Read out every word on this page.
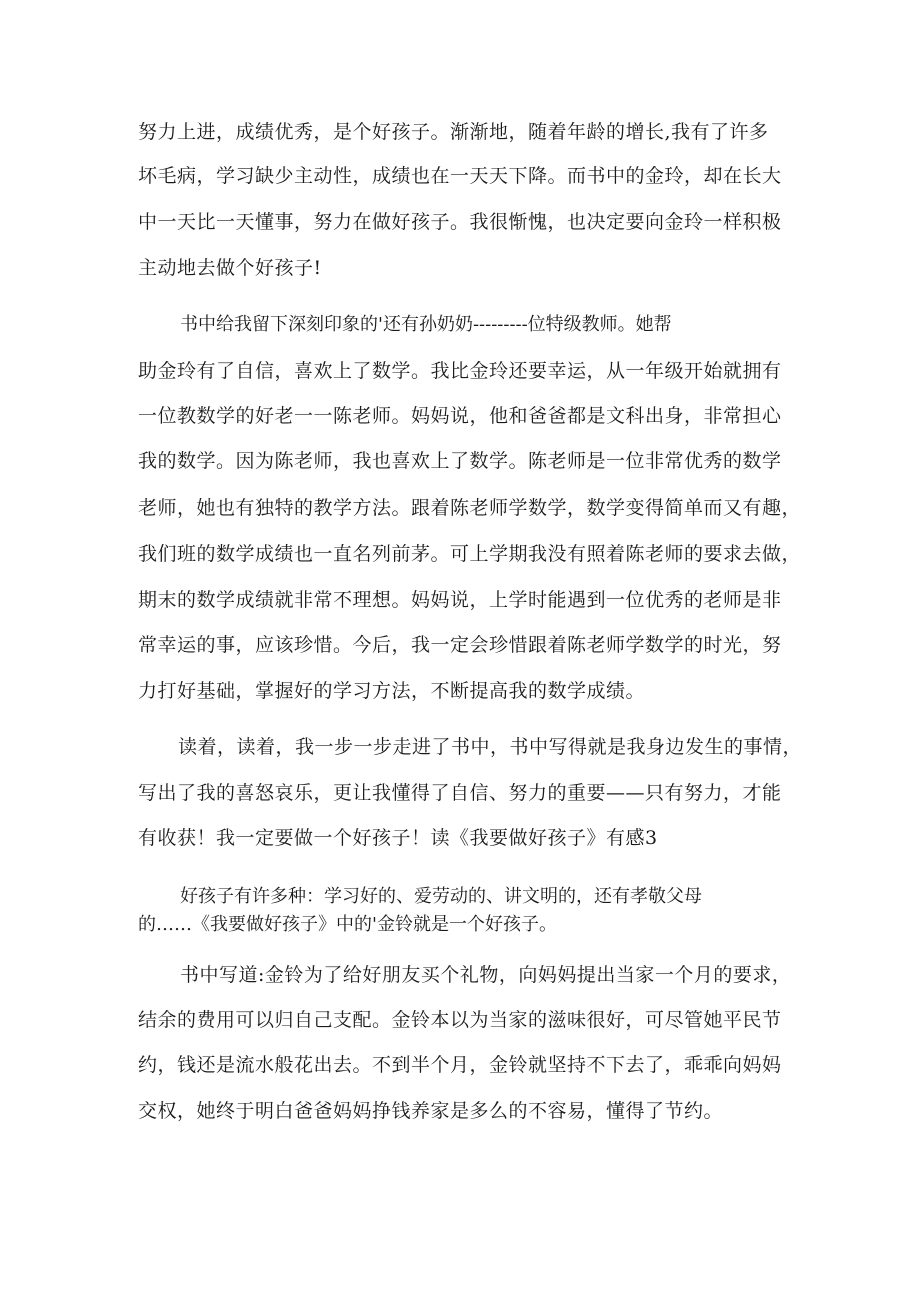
努力上进，成绩优秀，是个好孩子。渐渐地，随着年龄的增长,我有了许多
坏毛病，学习缺少主动性，成绩也在一天天下降。而书中的金玲，却在长大
中一天比一天懂事，努力在做好孩子。我很惭愧，也决定要向金玲一样积极
主动地去做个好孩子!
书中给我留下深刻印象的'还有孙奶奶---------位特级教师。她帮
助金玲有了自信，喜欢上了数学。我比金玲还要幸运，从一年级开始就拥有
一位教数学的好老一一陈老师。妈妈说，他和爸爸都是文科出身，非常担心
我的数学。因为陈老师，我也喜欢上了数学。陈老师是一位非常优秀的数学
老师，她也有独特的教学方法。跟着陈老师学数学，数学变得简单而又有趣，
我们班的数学成绩也一直名列前茅。可上学期我没有照着陈老师的要求去做，
期末的数学成绩就非常不理想。妈妈说，上学时能遇到一位优秀的老师是非
常幸运的事，应该珍惜。今后，我一定会珍惜跟着陈老师学数学的时光，努
力打好基础，掌握好的学习方法，不断提高我的数学成绩。
读着，读着，我一步一步走进了书中，书中写得就是我身边发生的事情，
写出了我的喜怒哀乐，更让我懂得了自信、努力的重要——只有努力，才能
有收获！我一定要做一个好孩子！读《我要做好孩子》有感3
好孩子有许多种：学习好的、爱劳动的、讲文明的，还有孝敬父母
的……《我要做好孩子》中的'金铃就是一个好孩子。
书中写道:金铃为了给好朋友买个礼物，向妈妈提出当家一个月的要求，
结余的费用可以归自己支配。金铃本以为当家的滋味很好，可尽管她平民节
约，钱还是流水般花出去。不到半个月，金铃就坚持不下去了，乖乖向妈妈
交权，她终于明白爸爸妈妈挣钱养家是多么的不容易，懂得了节约。
